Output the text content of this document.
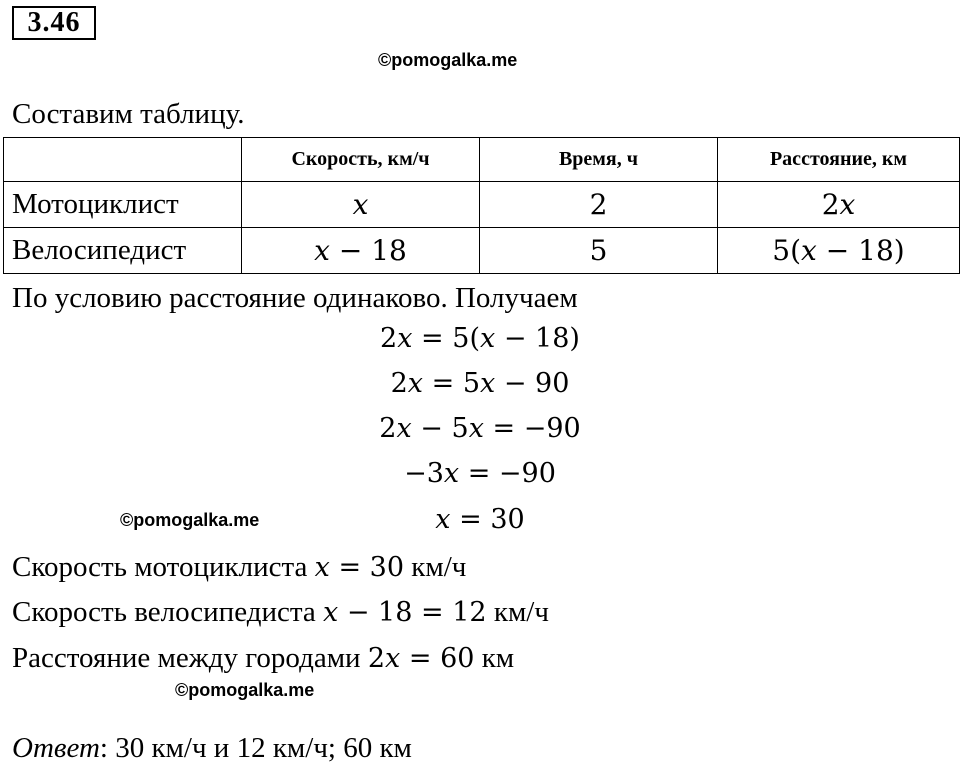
3.46
©pomogalka.me
Составим таблицу.
	Скорость, км/ч	Время, ч	Расстояние, км
Мотоциклист	x	2	2x
Велосипедист	x − 18	5	5(x − 18)
По условию расстояние одинаково. Получаем
2x = 5(x − 18)
2x = 5x − 90
2x − 5x = −90
−3x = −90
x = 30
©pomogalka.me
Скорость мотоциклиста x = 30 км/ч
Скорость велосипедиста x − 18 = 12 км/ч
Расстояние между городами 2x = 60 км
©pomogalka.me
Ответ: 30 км/ч и 12 км/ч; 60 км
